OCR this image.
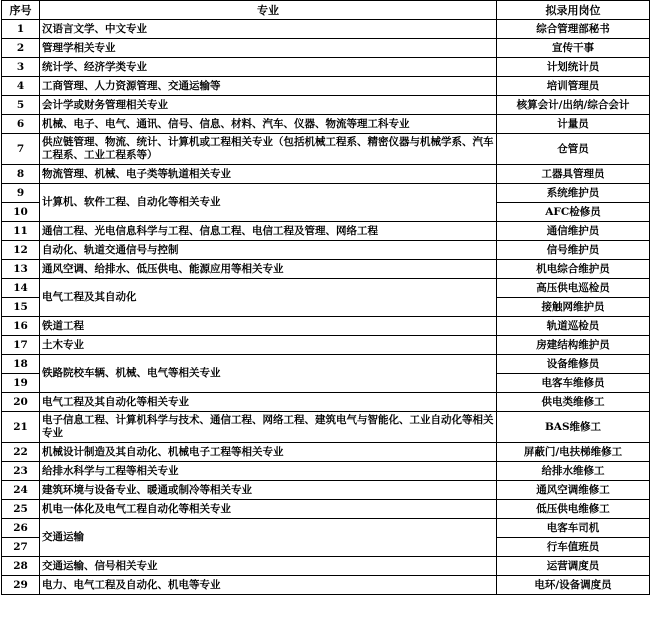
序号	专业	拟录用岗位
1	汉语言文学、中文专业	综合管理部秘书
2	管理学相关专业	宣传干事
3	统计学、经济学类专业	计划统计员
4	工商管理、人力资源管理、交通运输等	培训管理员
5	会计学或财务管理相关专业	核算会计/出纳/综合会计
6	机械、电子、电气、通讯、信号、信息、材料、汽车、仪器、物流等理工科专业	计量员
7	供应链管理、物流、统计、计算机或工程相关专业（包括机械工程系、精密仪器与机械学系、汽车工程系、工业工程系等）	仓管员
8	物流管理、机械、电子类等轨道相关专业	工器具管理员
9	计算机、软件工程、自动化等相关专业	系统维护员
10		AFC检修员
11	通信工程、光电信息科学与工程、信息工程、电信工程及管理、网络工程	通信维护员
12	自动化、轨道交通信号与控制	信号维护员
13	通风空调、给排水、低压供电、能源应用等相关专业	机电综合维护员
14	电气工程及其自动化	高压供电巡检员
15		接触网维护员
16	铁道工程	轨道巡检员
17	土木专业	房建结构维护员
18	铁路院校车辆、机械、电气等相关专业	设备维修员
19		电客车维修员
20	电气工程及其自动化等相关专业	供电类维修工
21	电子信息工程、计算机科学与技术、通信工程、网络工程、建筑电气与智能化、工业自动化等相关专业	BAS维修工
22	机械设计制造及其自动化、机械电子工程等相关专业	屏蔽门/电扶梯维修工
23	给排水科学与工程等相关专业	给排水维修工
24	建筑环境与设备专业、暖通或制冷等相关专业	通风空调维修工
25	机电一体化及电气工程自动化等相关专业	低压供电维修工
26	交通运输	电客车司机
27		行车值班员
28	交通运输、信号相关专业	运营调度员
29	电力、电气工程及自动化、机电等专业	电环/设备调度员
